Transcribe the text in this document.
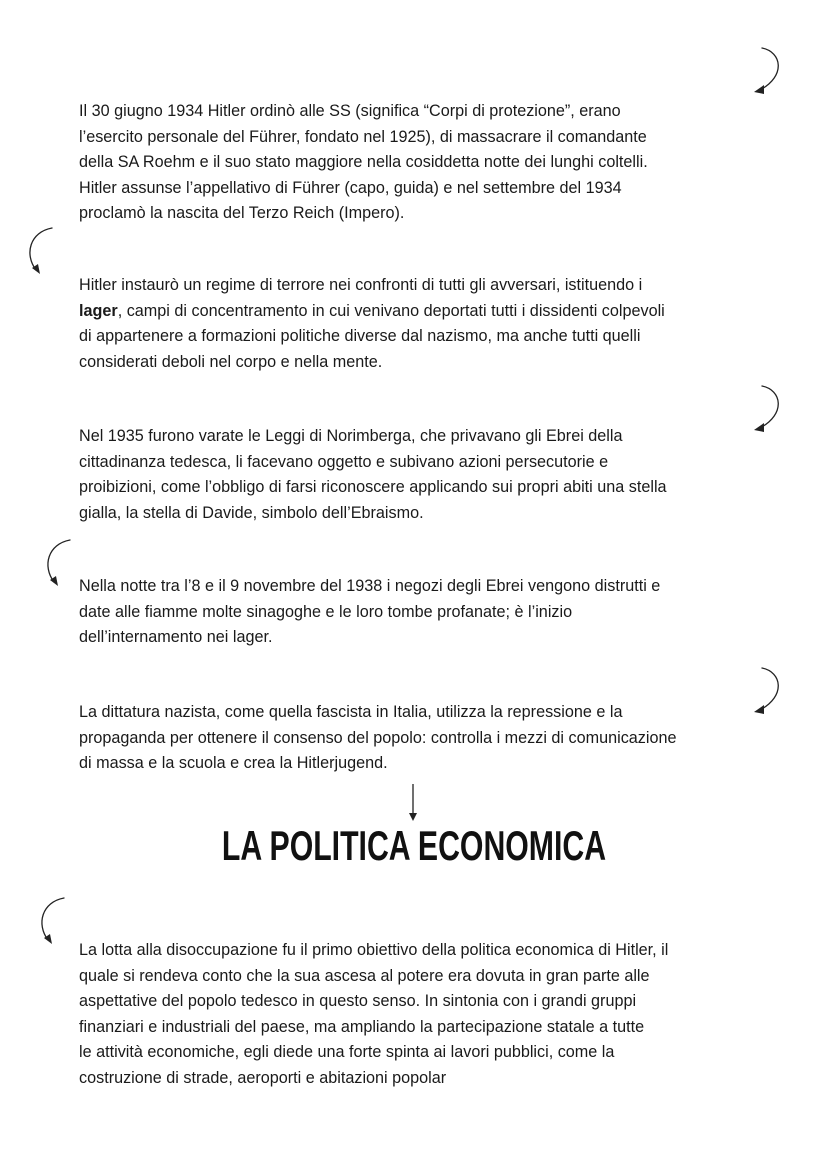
Il 30 giugno 1934 Hitler ordinò alle SS (significa “Corpi di protezione”, erano
l’esercito personale del Führer, fondato nel 1925), di massacrare il comandante
della SA Roehm e il suo stato maggiore nella cosiddetta notte dei lunghi coltelli.
Hitler assunse l’appellativo di Führer (capo, guida) e nel settembre del 1934
proclamò la nascita del Terzo Reich (Impero).

Hitler instaurò un regime di terrore nei confronti di tutti gli avversari, istituendo i
lager, campi di concentramento in cui venivano deportati tutti i dissidenti colpevoli
di appartenere a formazioni politiche diverse dal nazismo, ma anche tutti quelli
considerati deboli nel corpo e nella mente.

Nel 1935 furono varate le Leggi di Norimberga, che privavano gli Ebrei della
cittadinanza tedesca, li facevano oggetto e subivano azioni persecutorie e
proibizioni, come l’obbligo di farsi riconoscere applicando sui propri abiti una stella
gialla, la stella di Davide, simbolo dell’Ebraismo.

Nella notte tra l’8 e il 9 novembre del 1938 i negozi degli Ebrei vengono distrutti e
date alle fiamme molte sinagoghe e le loro tombe profanate; è l’inizio
dell’internamento nei lager.

La dittatura nazista, come quella fascista in Italia, utilizza la repressione e la
propaganda per ottenere il consenso del popolo: controlla i mezzi di comunicazione
di massa e la scuola e crea la Hitlerjugend.

LA POLITICA ECONOMICA

La lotta alla disoccupazione fu il primo obiettivo della politica economica di Hitler, il
quale si rendeva conto che la sua ascesa al potere era dovuta in gran parte alle
aspettative del popolo tedesco in questo senso. In sintonia con i grandi gruppi
finanziari e industriali del paese, ma ampliando la partecipazione statale a tutte
le attività economiche, egli diede una forte spinta ai lavori pubblici, come la
costruzione di strade, aeroporti e abitazioni popolar
